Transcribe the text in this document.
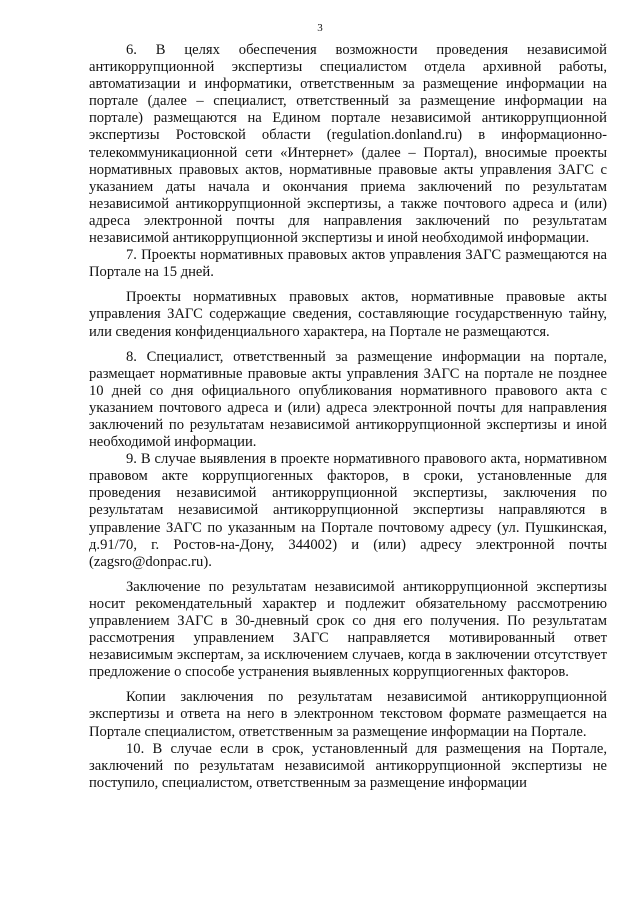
3

6. В целях обеспечения возможности проведения независимой антикоррупционной экспертизы специалистом отдела архивной работы, автоматизации и информатики, ответственным за размещение информации на портале (далее – специалист, ответственный за размещение информации на портале) размещаются на Едином портале независимой антикоррупционной экспертизы Ростовской области (regulation.donland.ru) в информационно-телекоммуникационной сети «Интернет» (далее – Портал), вносимые проекты нормативных правовых актов, нормативные правовые акты управления ЗАГС с указанием даты начала и окончания приема заключений по результатам независимой антикоррупционной экспертизы, а также почтового адреса и (или) адреса электронной почты для направления заключений по результатам независимой антикоррупционной экспертизы и иной необходимой информации.

7. Проекты нормативных правовых актов управления ЗАГС размещаются на Портале на 15 дней.

Проекты нормативных правовых актов, нормативные правовые акты управления ЗАГС содержащие сведения, составляющие государственную тайну, или сведения конфиденциального характера, на Портале не размещаются.

8. Специалист, ответственный за размещение информации на портале, размещает нормативные правовые акты управления ЗАГС на портале не позднее 10 дней со дня официального опубликования нормативного правового акта с указанием почтового адреса и (или) адреса электронной почты для направления заключений по результатам независимой антикоррупционной экспертизы и иной необходимой информации.

9. В случае выявления в проекте нормативного правового акта, нормативном правовом акте коррупциогенных факторов, в сроки, установленные для проведения независимой антикоррупционной экспертизы, заключения по результатам независимой антикоррупционной экспертизы направляются в управление ЗАГС по указанным на Портале почтовому адресу (ул. Пушкинская, д.91/70, г. Ростов-на-Дону, 344002) и (или) адресу электронной почты (zagsro@donpac.ru).

Заключение по результатам независимой антикоррупционной экспертизы носит рекомендательный характер и подлежит обязательному рассмотрению управлением ЗАГС в 30-дневный срок со дня его получения. По результатам рассмотрения управлением ЗАГС направляется мотивированный ответ независимым экспертам, за исключением случаев, когда в заключении отсутствует предложение о способе устранения выявленных коррупциогенных факторов.

Копии заключения по результатам независимой антикоррупционной экспертизы и ответа на него в электронном текстовом формате размещается на Портале специалистом, ответственным за размещение информации на Портале.

10. В случае если в срок, установленный для размещения на Портале, заключений по результатам независимой антикоррупционной экспертизы не поступило, специалистом, ответственным за размещение информации
